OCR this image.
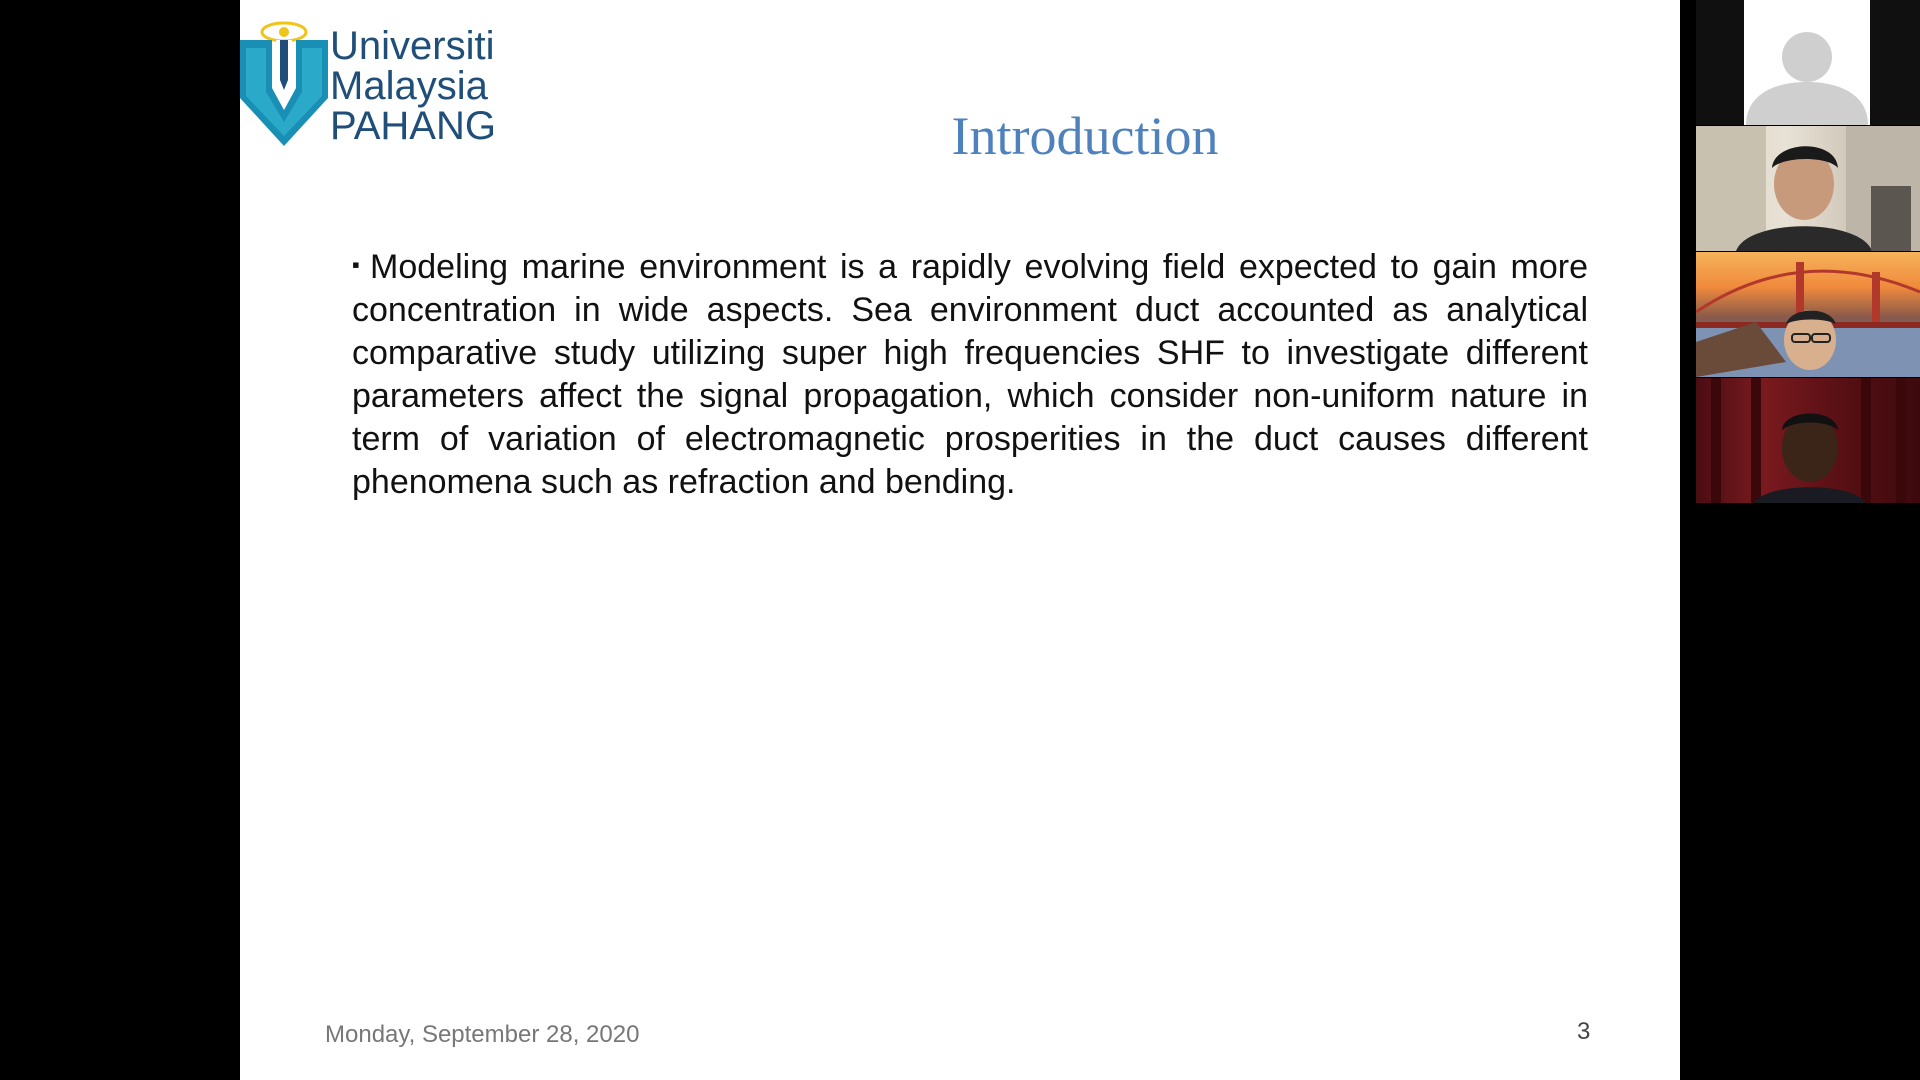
Universiti
Malaysia
PAHANG	Introduction
▪ Modeling marine environment is a rapidly evolving field expected to gain more concentration in wide aspects. Sea environment duct accounted as analytical comparative study utilizing super high frequencies SHF to investigate different parameters affect the signal propagation, which consider non-uniform nature in term of variation of electromagnetic prosperities in the duct causes different phenomena such as refraction and bending.
Monday, September 28, 2020	3
